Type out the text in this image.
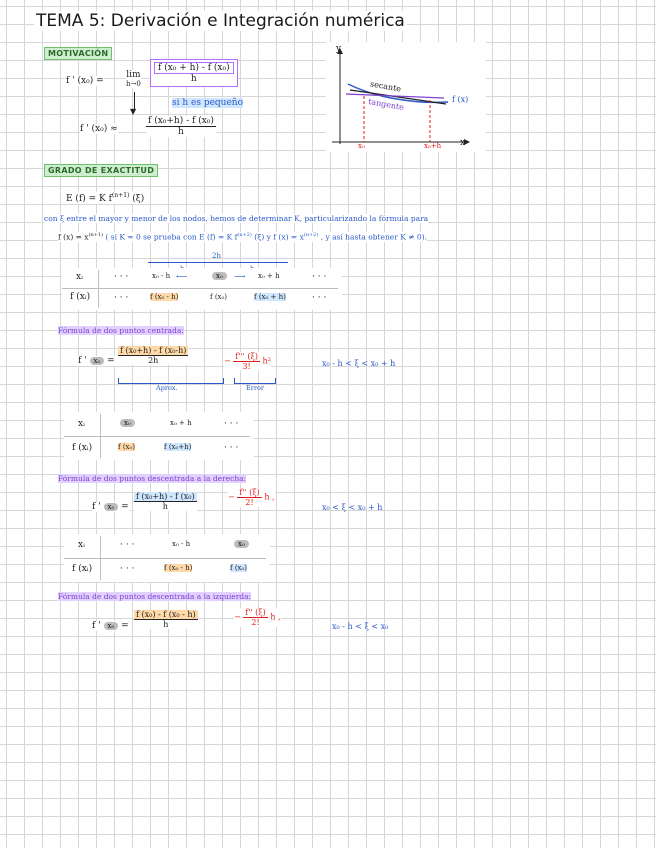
TEMA 5: Derivación e Integración numérica
MOTIVACIÓN
f ' (x₀) =
lim
$h\to 0 \frac{\text{f (x₀ + h) - f (x₀)}}{h}$
▼
si h es pequeño
f ' (x₀) ≈	$\frac{\text{f (x₀+h) - f (x₀)}}{h}$
y
x
secante
tangente	f (x)
x₀	x₀+h
GRADO DE EXACTITUD
E (f) = K $f^{(n+1)}$ (ξ)
con ξ entre el mayor y menor de los nodos, hemos de determinar K, particularizando la fórmula para
f $(x) = x^{(n+1)}$ ( si K = 0 se prueba con E (f) = K $f^{(n+2)}$ (ξ) y f $(x) = x^{(n+2)}$ , y así hasta obtener K ≠ 0).
2h
xᵢ	· · ·	x₀ - h ⟵	x₀	⟶ x₀ + h	· · ·
f (xᵢ)	· · ·	f (x₀ - h)	f (x₀)	f (x₀ + h)	· · ·
Fórmula de dos puntos centrada:
f ' $x_0 = \frac{\text{f (x₀+h) - f (x₀-h)}}{2h}$	− $\frac{f''' (\xi)}{3!} h^2$	x₀ - h < ξ < x₀ + h
Aprox.	Error
xᵢ	x₀	x₀ + h	· · ·
f (xᵢ)	f (x₀)	f (x₀+h)	· · ·
Fórmula de dos puntos descentrada a la derecha:
f ' $x_0 = \frac{\text{f (x₀+h) - f (x₀)}}{h}$	− $\frac{f'' (\xi)}{2!}$ h ,
x₀ < ξ < x₀ + h
xᵢ	· · ·	x₀ - h	x₀
f (xᵢ)	· · ·	f (x₀ - h)	f (x₀)
Fórmula de dos puntos descentrada a la izquierda:
f ' $x_0 = \frac{\text{f (x₀) - f (x₀ - h)}}{h}$	− $\frac{f'' (\xi)}{2!}$ h ,
x₀ - h < ξ < x₀
